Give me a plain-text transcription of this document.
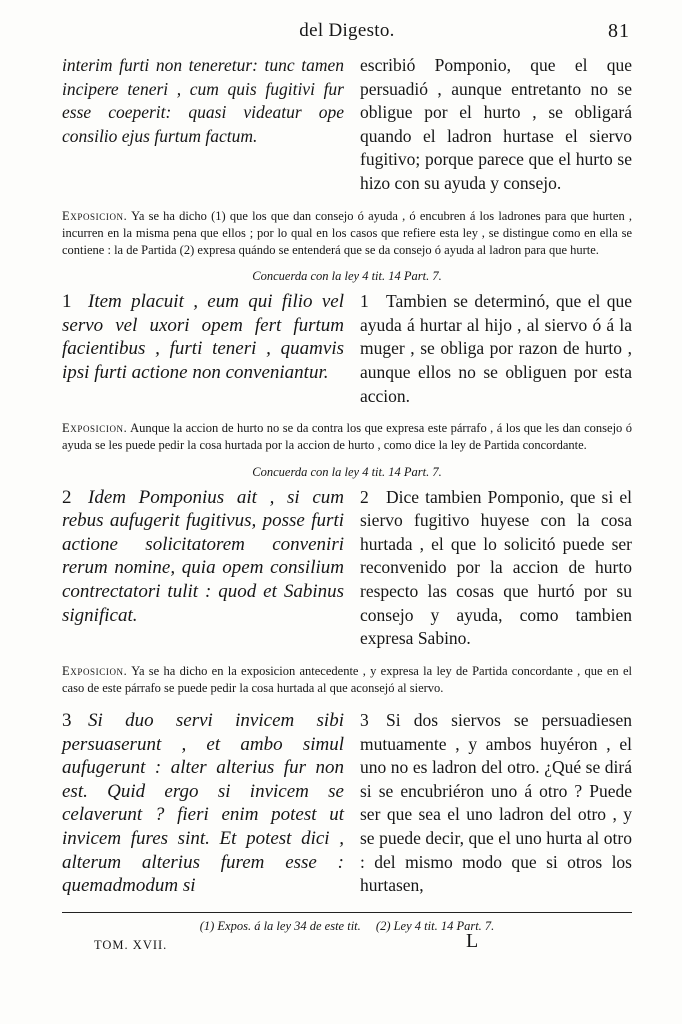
del Digesto.	81
interim furti non teneretur: tunc tamen incipere teneri , cum quis fugitivi fur esse coeperit: quasi videatur ope consilio ejus furtum factum.
escribió Pomponio, que el que persuadió , aunque entretanto no se obligue por el hurto , se obligará quando el ladron hurtase el siervo fugitivo; porque parece que el hurto se hizo con su ayuda y consejo.

Exposicion. Ya se ha dicho (1) que los que dan consejo ó ayuda , ó encubren á los ladrones para que hurten , incurren en la misma pena que ellos ; por lo qual en los casos que refiere esta ley , se distingue como en ella se contiene : la de Partida (2) expresa quándo se entenderá que se da consejo ó ayuda al ladron para que hurte.

Concuerda con la ley 4 tit. 14 Part. 7.
1 Item placuit , eum qui filio vel servo vel uxori opem fert furtum facientibus , furti teneri , quamvis ipsi furti actione non conveniantur.
1 Tambien se determinó, que el que ayuda á hurtar al hijo , al siervo ó á la muger , se obliga por razon de hurto , aunque ellos no se obliguen por esta accion.

Exposicion. Aunque la accion de hurto no se da contra los que expresa este párrafo , á los que les dan consejo ó ayuda se les puede pedir la cosa hurtada por la accion de hurto , como dice la ley de Partida concordante.

Concuerda con la ley 4 tit. 14 Part. 7.
2 Idem Pomponius ait , si cum rebus aufugerit fugitivus, posse furti actione solicitatorem conveniri rerum nomine, quia opem consilium contrectatori tulit : quod et Sabinus significat.
2 Dice tambien Pomponio, que si el siervo fugitivo huyese con la cosa hurtada , el que lo solicitó puede ser reconvenido por la accion de hurto respecto las cosas que hurtó por su consejo y ayuda, como tambien expresa Sabino.

Exposicion. Ya se ha dicho en la exposicion antecedente , y expresa la ley de Partida concordante , que en el caso de este párrafo se puede pedir la cosa hurtada al que aconsejó al siervo.

3 Si duo servi invicem sibi persuaserunt , et ambo simul aufugerunt : alter alterius fur non est. Quid ergo si invicem se celaverunt ? fieri enim potest ut invicem fures sint. Et potest dici , alterum alterius furem esse : quemadmodum si
3 Si dos siervos se persuadiesen mutuamente , y ambos huyéron , el uno no es ladron del otro. ¿Qué se dirá si se encubriéron uno á otro ? Puede ser que sea el uno ladron del otro , y se puede decir, que el uno hurta al otro : del mismo modo que si otros los hurtasen,
(1) Expos. á la ley 34 de este tit. (2) Ley 4 tit. 14 Part. 7.
TOM. XVII.	L
